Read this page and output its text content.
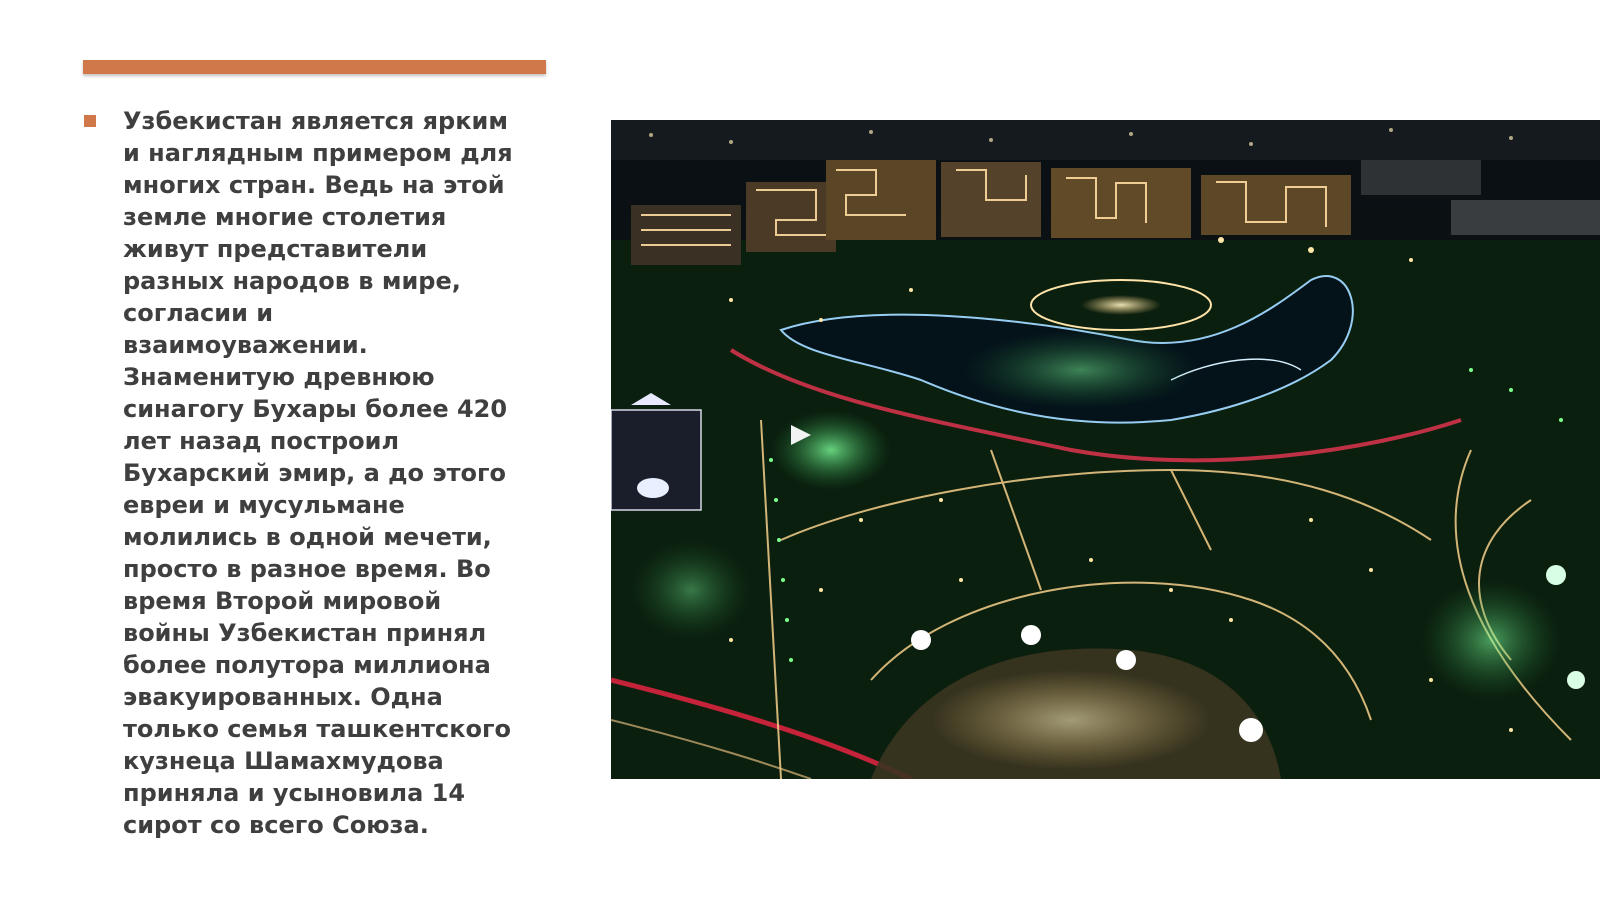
Узбекистан является ярким
и наглядным примером для
многих стран. Ведь на этой
земле многие столетия
живут представители
разных народов в мире,
согласии и
взаимоуважении.
Знаменитую древнюю
синагогу Бухары более 420
лет назад построил
Бухарский эмир, а до этого
евреи и мусульмане
молились в одной мечети,
просто в разное время. Во
время Второй мировой
войны Узбекистан принял
более полутора миллиона
эвакуированных. Одна
только семья ташкентского
кузнеца Шамахмудова
приняла и усыновила 14
сирот со всего Союза.
